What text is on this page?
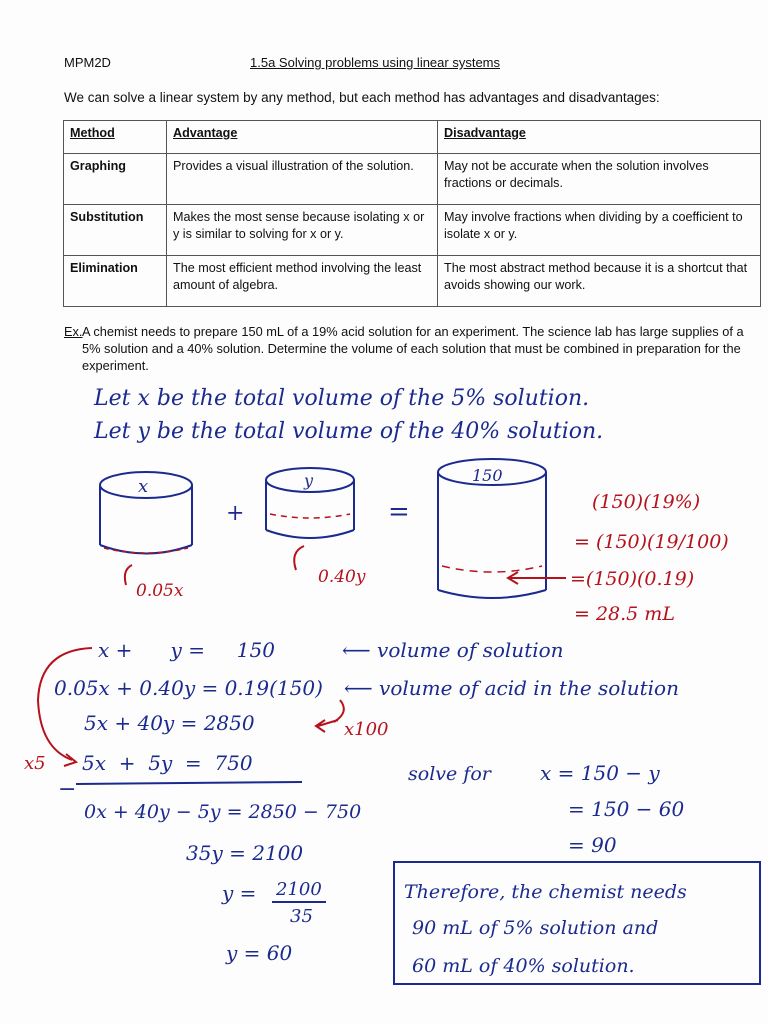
MPM2D	1.5a Solving problems using linear systems
We can solve a linear system by any method, but each method has advantages and disadvantages:
Method	Advantage	Disadvantage
Graphing	Provides a visual illustration of the solution.	May not be accurate when the solution involves fractions or decimals.
Substitution	Makes the most sense because isolating x or y is similar to solving for x or y.	May involve fractions when dividing by a coefficient to isolate x or y.
Elimination	The most efficient method involving the least amount of algebra.	The most abstract method because it is a shortcut that avoids showing our work.
Ex. A chemist needs to prepare 150 mL of a 19% acid solution for an experiment. The science lab has large supplies of a 5% solution and a 40% solution. Determine the volume of each solution that must be combined in preparation for the experiment.
Let x be the total volume of the 5% solution.
Let y be the total volume of the 40% solution.
x
0.05x
+
y
0.40y
=
150
(150)(19%)
= (150)(19/100)
=(150)(0.19)
= 28.5 mL
x +      y =     150	⟵ volume of solution
0.05x + 0.40y = 0.19(150) ⟵ volume of acid in the solution
5x + 40y = 2850	x100
x5 5x  +  5y  =  750
−
0x + 40y − 5y = 2850 − 750
35y = 2100
y = 2100
35
y = 60
solve for x = 150 − y
= 150 − 60
= 90
Therefore, the chemist needs
90 mL of 5% solution and
60 mL of 40% solution.
